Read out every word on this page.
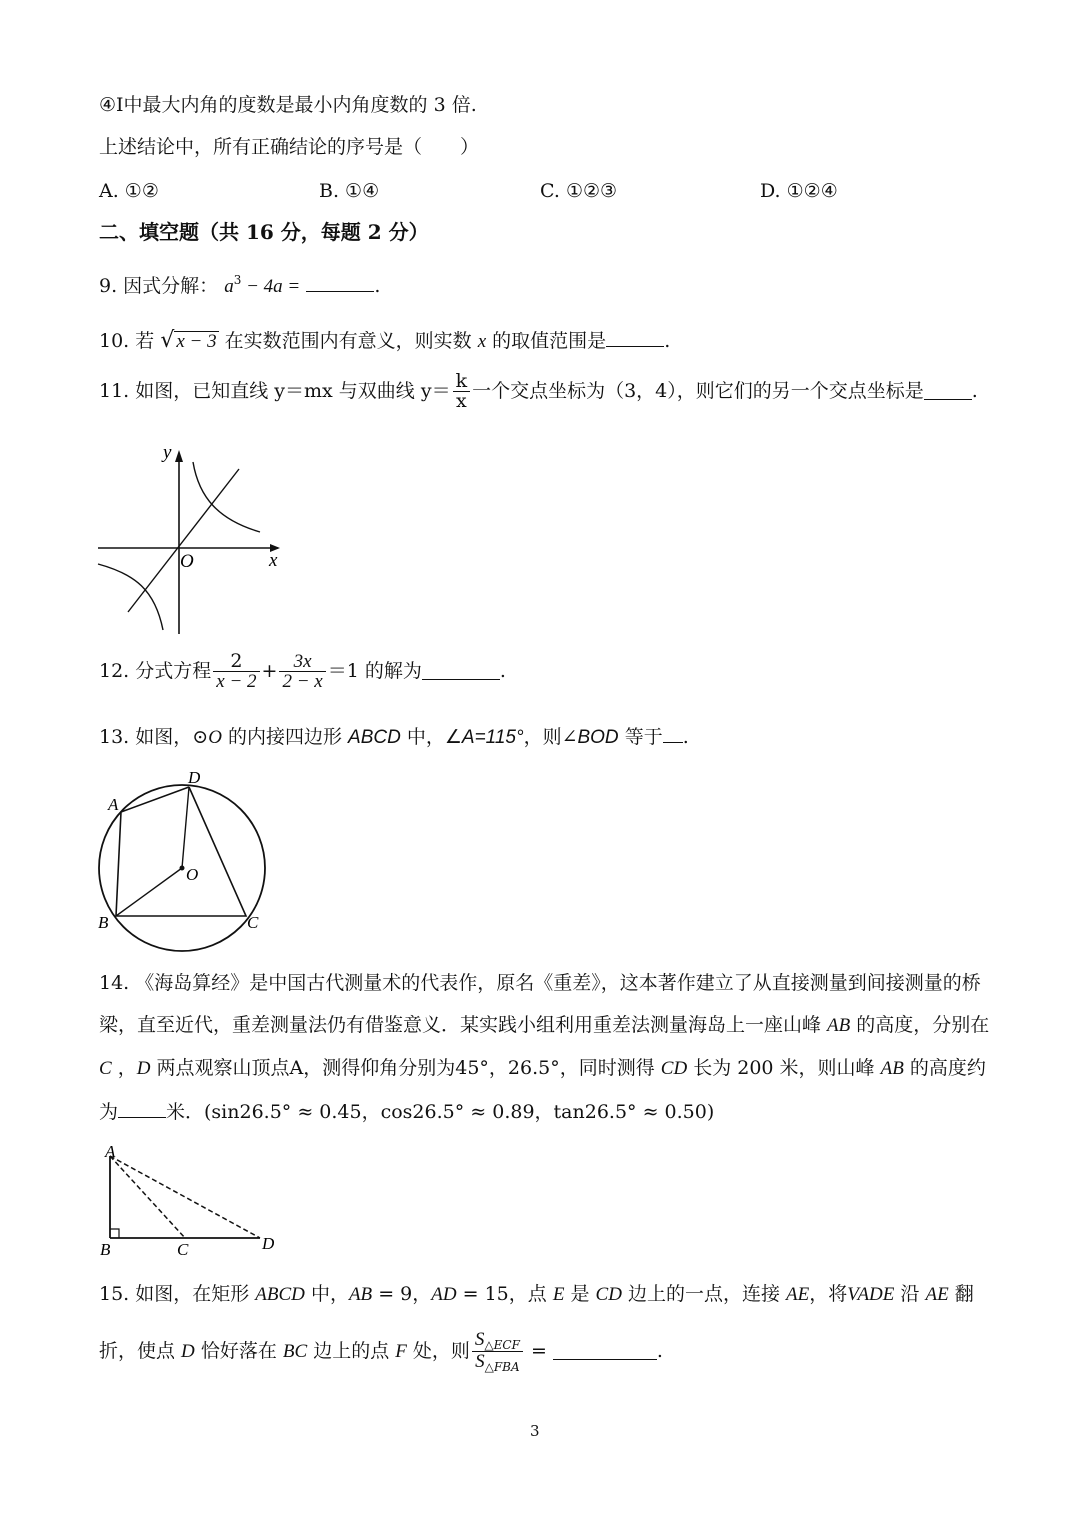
④I中最大内角的度数是最小内角度数的 3 倍.
上述结论中，所有正确结论的序号是（　　）
A. ①②	B. ①④	C. ①②③	D. ①②④
二、填空题（共 16 分，每题 2 分）
9. 因式分解： $a^3 - 4a$ =	.
10. 若 √ x − 3 在实数范围内有意义，则实数 x 的取值范围是	.
11. 如图，已知直线 y＝mx 与双曲线 $y= \frac{k}{x}$ 一个交点坐标为（3，4），则它们的另一个交点坐标是	.
y
x
O
12. 分式方程 $\frac{2}{x - 2} + \frac{3x}{2 - x} =1$ 的解为	.
13. 如图，⊙O 的内接四边形 ABCD 中，∠A=115°，则∠BOD 等于 .
D
A
O
B	C
14. 《海岛算经》是中国古代测量术的代表作，原名《重差》，这本著作建立了从直接测量到间接测量的桥
梁，直至近代，重差测量法仍有借鉴意义．某实践小组利用重差法测量海岛上一座山峰 AB 的高度，分别在
C ，D 两点观察山顶点A，测得仰角分别为45°，26.5°，同时测得 CD 长为 200 米，则山峰 AB 的高度约
为	米．(sin26.5° ≈ 0.45，cos26.5° ≈ 0.89，tan26.5° ≈ 0.50)
A
B	C	D
15. 如图，在矩形 ABCD 中，AB = 9，AD = 15，点 E 是 CD 边上的一点，连接 AE，将VADE 沿 AE 翻
折，使点 D 恰好落在 BC 边上的点 F 处，则 $\frac{S_{\triangle ECF}}{S_{\triangle FBA}}$ =	.
3
